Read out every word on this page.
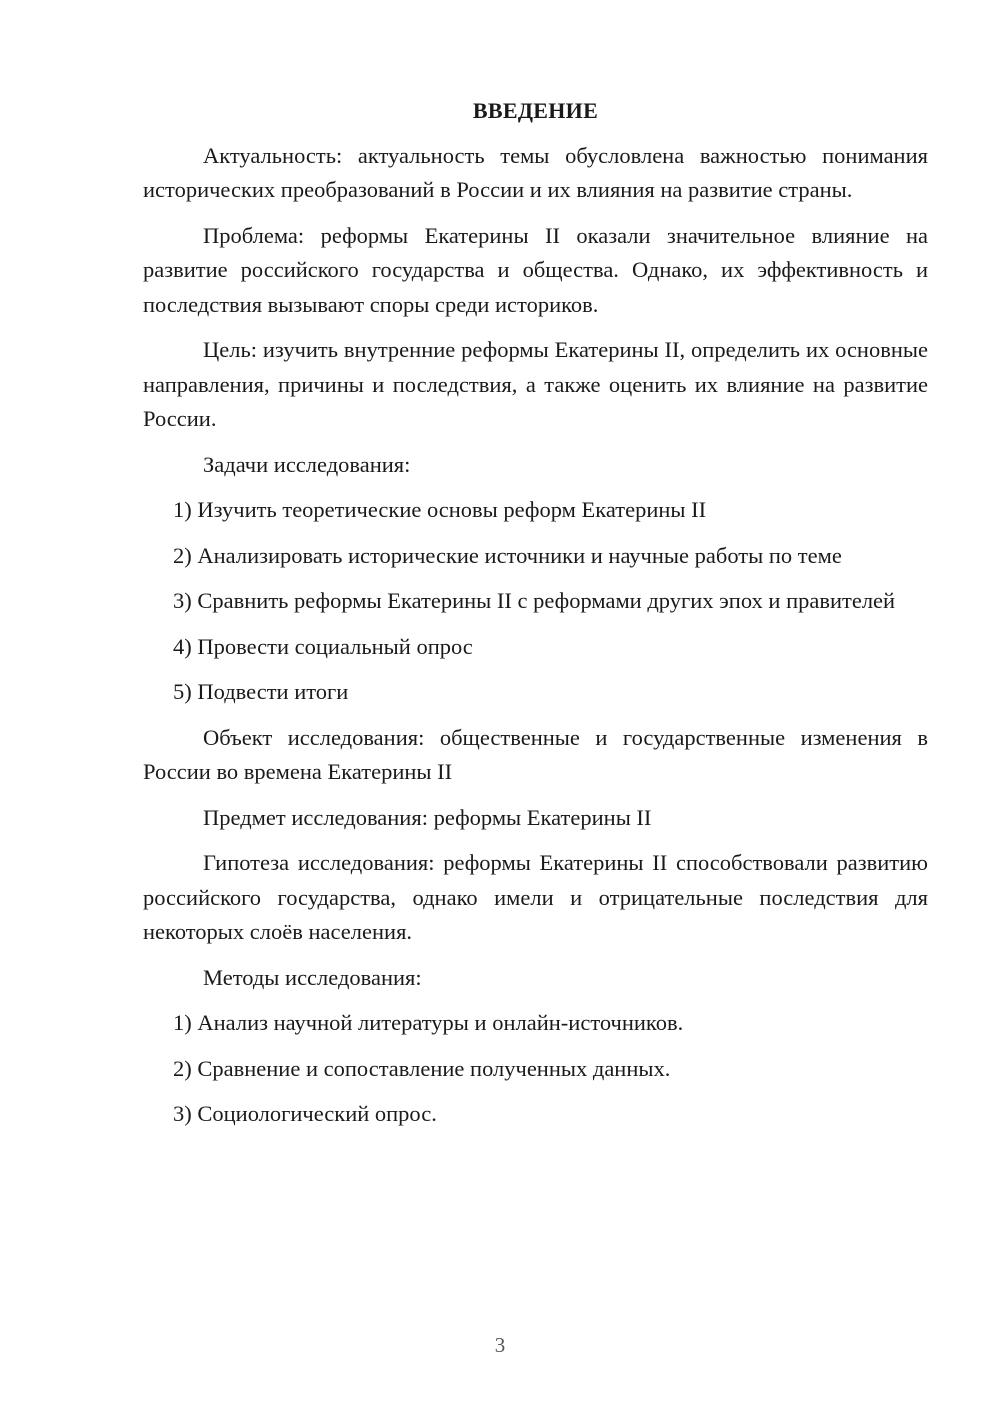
ВВЕДЕНИЕ

Актуальность: актуальность темы обусловлена важностью понимания исторических преобразований в России и их влияния на развитие страны.

Проблема: реформы Екатерины II оказали значительное влияние на развитие российского государства и общества. Однако, их эффективность и последствия вызывают споры среди историков.

Цель: изучить внутренние реформы Екатерины II, определить их основные направления, причины и последствия, а также оценить их влияние на развитие России.

Задачи исследования:

1) Изучить теоретические основы реформ Екатерины II

2) Анализировать исторические источники и научные работы по теме

3) Сравнить реформы Екатерины II с реформами других эпох и правителей

4) Провести социальный опрос

5) Подвести итоги

Объект исследования: общественные и государственные изменения в России во времена Екатерины II

Предмет исследования: реформы Екатерины II

Гипотеза исследования: реформы Екатерины II способствовали развитию российского государства, однако имели и отрицательные последствия для некоторых слоёв населения.

Методы исследования:

1) Анализ научной литературы и онлайн-источников.

2) Сравнение и сопоставление полученных данных.

3) Социологический опрос.

3
